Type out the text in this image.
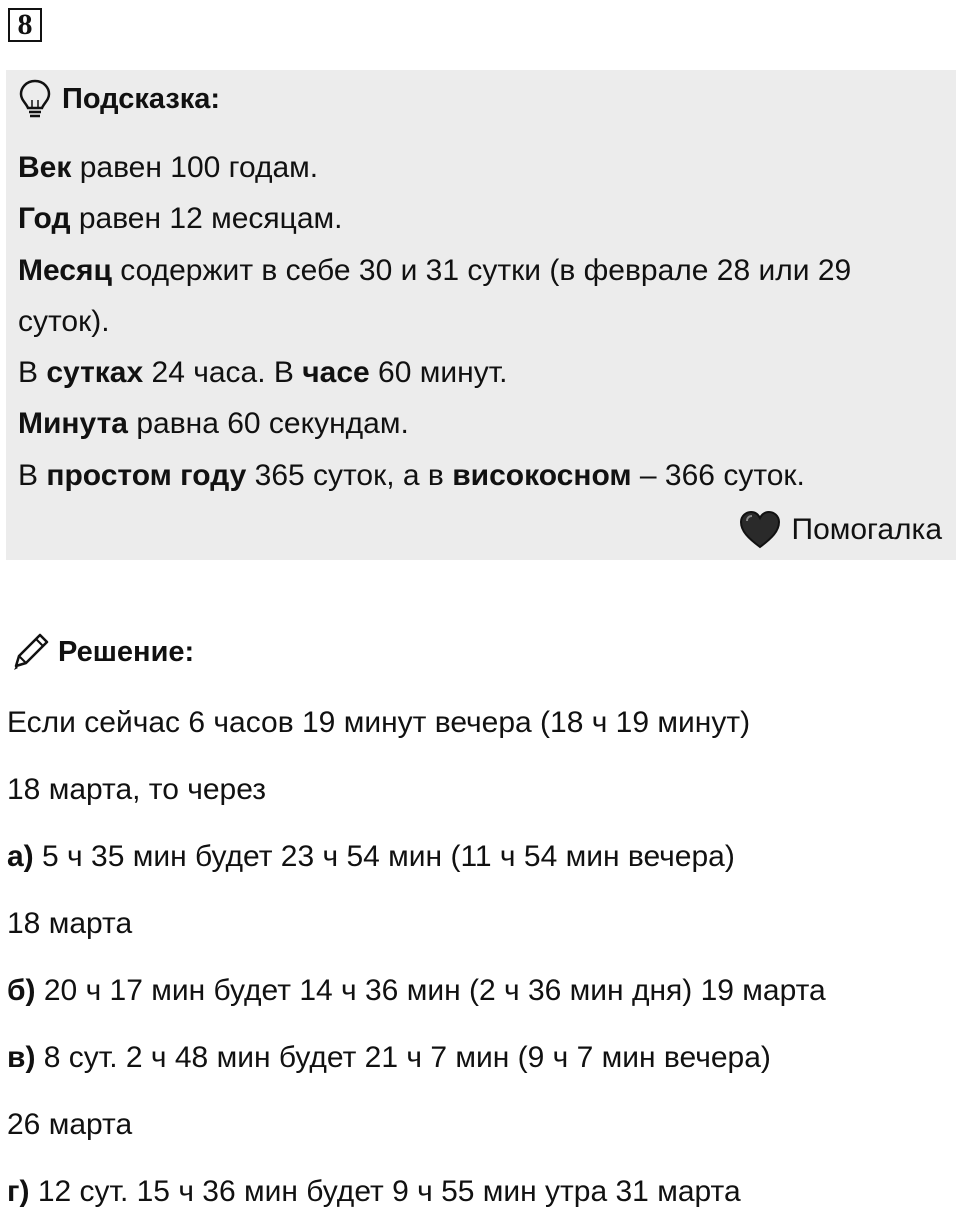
8
Подсказка:
Век равен 100 годам.
Год равен 12 месяцам.
Месяц содержит в себе 30 и 31 сутки (в феврале 28 или 29
суток).
В сутках 24 часа. В часе 60 минут.
Минута равна 60 секундам.
В простом году 365 суток, а в високосном – 366 суток.
Помогалка
Решение:
Если сейчас 6 часов 19 минут вечера (18 ч 19 минут)
18 марта, то через
а) 5 ч 35 мин будет 23 ч 54 мин (11 ч 54 мин вечера)
18 марта
б) 20 ч 17 мин будет 14 ч 36 мин (2 ч 36 мин дня) 19 марта
в) 8 сут. 2 ч 48 мин будет 21 ч 7 мин (9 ч 7 мин вечера)
26 марта
г) 12 сут. 15 ч 36 мин будет 9 ч 55 мин утра 31 марта
